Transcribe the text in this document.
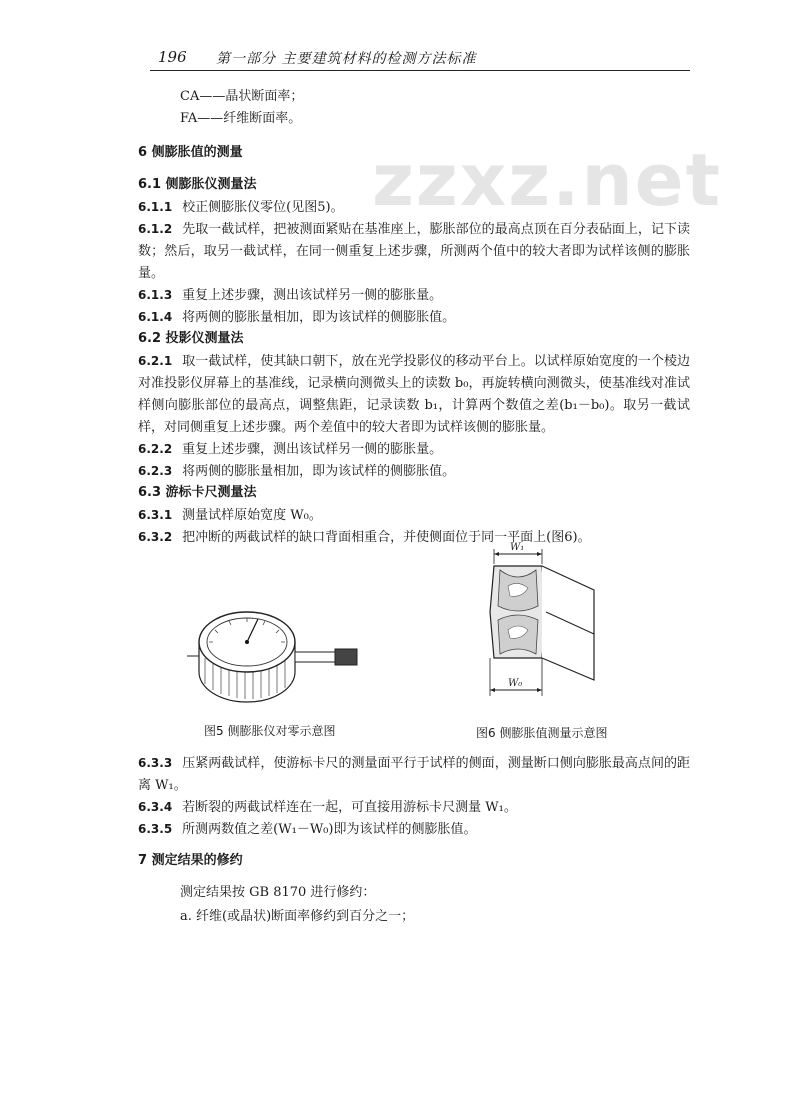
196 第一部分 主要建筑材料的检测方法标准
zzxz.net
CA——晶状断面率；
FA——纤维断面率。
6 侧膨胀值的测量
6.1 侧膨胀仪测量法
6.1.1 校正侧膨胀仪零位(见图5)。
6.1.2 先取一截试样，把被测面紧贴在基准座上，膨胀部位的最高点顶在百分表砧面上，记下读数；然后，取另一截试样，在同一侧重复上述步骤，所测两个值中的较大者即为试样该侧的膨胀量。
6.1.3 重复上述步骤，测出该试样另一侧的膨胀量。
6.1.4 将两侧的膨胀量相加，即为该试样的侧膨胀值。
6.2 投影仪测量法
6.2.1 取一截试样，使其缺口朝下，放在光学投影仪的移动平台上。以试样原始宽度的一个棱边对准投影仪屏幕上的基准线，记录横向测微头上的读数 b₀，再旋转横向测微头，使基准线对准试样侧向膨胀部位的最高点，调整焦距，记录读数 b₁，计算两个数值之差(b₁－b₀)。取另一截试样，对同侧重复上述步骤。两个差值中的较大者即为试样该侧的膨胀量。
6.2.2 重复上述步骤，测出该试样另一侧的膨胀量。
6.2.3 将两侧的膨胀量相加，即为该试样的侧膨胀值。
6.3 游标卡尺测量法
6.3.1 测量试样原始宽度 W₀。
6.3.2 把冲断的两截试样的缺口背面相重合，并使侧面位于同一平面上(图6)。
图5 侧膨胀仪对零示意图
W₁
W₀
图6 侧膨胀值测量示意图
6.3.3 压紧两截试样，使游标卡尺的测量面平行于试样的侧面，测量断口侧向膨胀最高点间的距离 W₁。
6.3.4 若断裂的两截试样连在一起，可直接用游标卡尺测量 W₁。
6.3.5 所测两数值之差(W₁－W₀)即为该试样的侧膨胀值。
7 测定结果的修约
测定结果按 GB 8170 进行修约：
a. 纤维(或晶状)断面率修约到百分之一；
